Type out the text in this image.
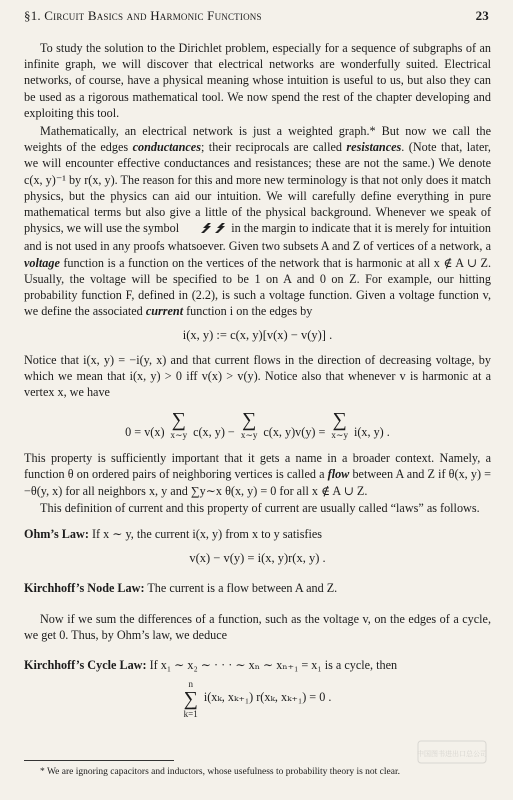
§1. Circuit Basics and Harmonic Functions	23

To study the solution to the Dirichlet problem, especially for a sequence of subgraphs of an infinite graph, we will discover that electrical networks are wonderfully suited. Electrical networks, of course, have a physical meaning whose intuition is useful to us, but also they can be used as a rigorous mathematical tool. We now spend the rest of the chapter developing and exploiting this tool.

Mathematically, an electrical network is just a weighted graph.* But now we call the weights of the edges conductances; their reciprocals are called resistances. (Note that, later, we will encounter effective conductances and resistances; these are not the same.) We denote c(x, y)⁻¹ by r(x, y). The reason for this and more new terminology is that not only does it match physics, but the physics can aid our intuition. We will carefully define everything in pure mathematical terms but also give a little of the physical background. Whenever we speak of physics, we will use the symbol	in the margin to indicate that it is merely for intuition and is not used in any proofs whatsoever. Given two subsets A and Z of vertices of a network, a voltage function is a function on the vertices of the network that is harmonic at all x ∉ A ∪ Z. Usually, the voltage will be specified to be 1 on A and 0 on Z. For example, our hitting probability function F, defined in (2.2), is such a voltage function. Given a voltage function v, we define the associated current function i on the edges by

i(x, y) := c(x, y)[v(x) − v(y)] .

Notice that i(x, y) = −i(y, x) and that current flows in the direction of decreasing voltage, by which we mean that i(x, y) > 0 iff v(x) > v(y). Notice also that whenever v is harmonic at a vertex x, we have

0 = v(x)
∑
x∼y c(x, y) −
∑
x∼y c(x, y)v(y) =
∑
x∼y i(x, y) .

This property is sufficiently important that it gets a name in a broader context. Namely, a function θ on ordered pairs of neighboring vertices is called a flow between A and Z if θ(x, y) = −θ(y, x) for all neighbors x, y and ∑y∼x θ(x, y) = 0 for all x ∉ A ∪ Z.

This definition of current and this property of current are usually called “laws” as follows.

Ohm’s Law: If x ∼ y, the current i(x, y) from x to y satisfies
v(x) − v(y) = i(x, y)r(x, y) .
Kirchhoff’s Node Law: The current is a flow between A and Z.

Now if we sum the differences of a function, such as the voltage v, on the edges of a cycle, we get 0. Thus, by Ohm’s law, we deduce

Kirchhoff’s Cycle Law: If x₁ ∼ x₂ ∼ · · · ∼ xₙ ∼ xₙ₊₁ = x₁ is a cycle, then
n
∑
k=1
i(xₖ, xₖ₊₁) r(xₖ, xₖ₊₁) = 0 .
* We are ignoring capacitors and inductors, whose usefulness to probability theory is not clear.
中国图书进出口总公司
